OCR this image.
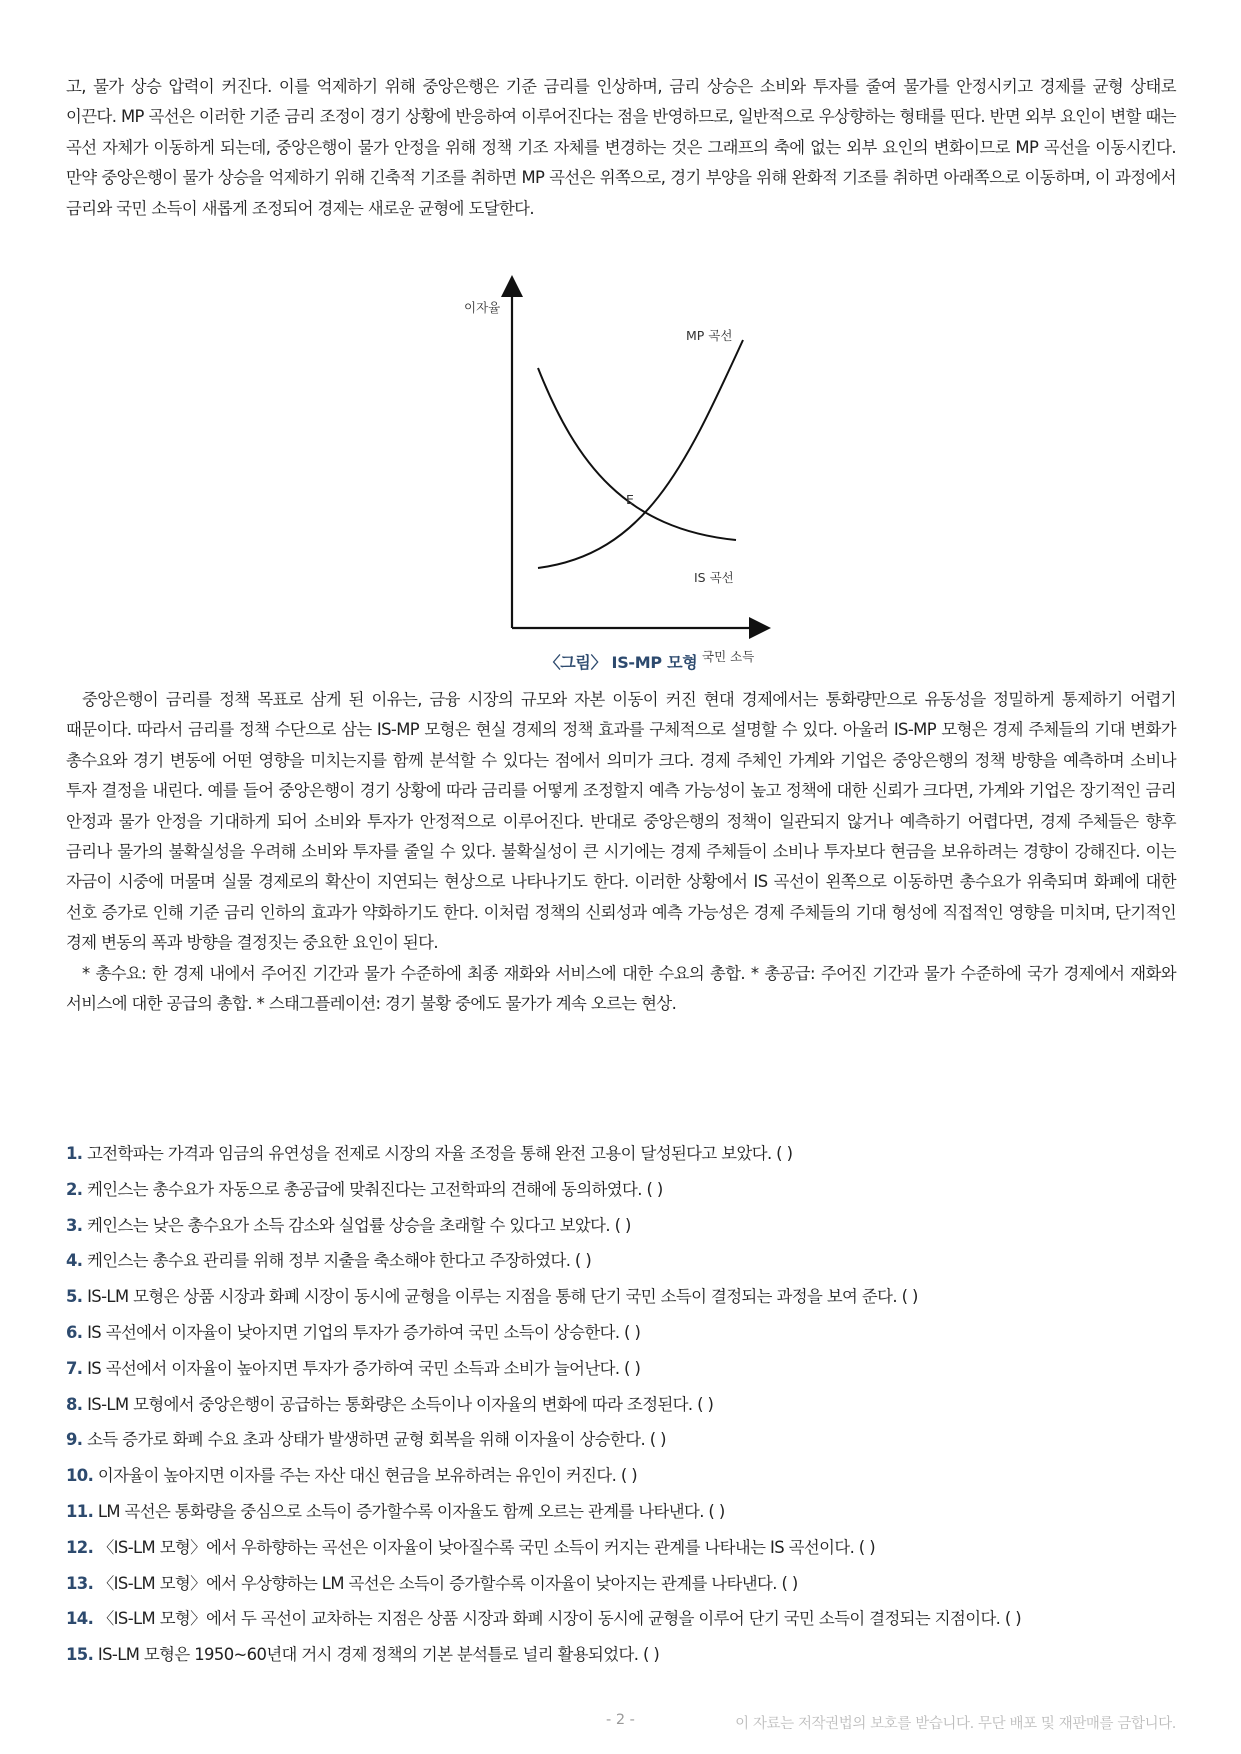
고, 물가 상승 압력이 커진다. 이를 억제하기 위해 중앙은행은 기준 금리를 인상하며, 금리 상승은 소비와 투자를 줄여 물가를 안정시키고 경제를 균형 상태로 이끈다. MP 곡선은 이러한 기준 금리 조정이 경기 상황에 반응하여 이루어진다는 점을 반영하므로, 일반적으로 우상향하는 형태를 띤다. 반면 외부 요인이 변할 때는 곡선 자체가 이동하게 되는데, 중앙은행이 물가 안정을 위해 정책 기조 자체를 변경하는 것은 그래프의 축에 없는 외부 요인의 변화이므로 MP 곡선을 이동시킨다. 만약 중앙은행이 물가 상승을 억제하기 위해 긴축적 기조를 취하면 MP 곡선은 위쪽으로, 경기 부양을 위해 완화적 기조를 취하면 아래쪽으로 이동하며, 이 과정에서 금리와 국민 소득이 새롭게 조정되어 경제는 새로운 균형에 도달한다.

이자율
국민 소득
MP 곡선
IS 곡선
E
〈그림〉 IS-MP 모형

중앙은행이 금리를 정책 목표로 삼게 된 이유는, 금융 시장의 규모와 자본 이동이 커진 현대 경제에서는 통화량만으로 유동성을 정밀하게 통제하기 어렵기 때문이다. 따라서 금리를 정책 수단으로 삼는 IS-MP 모형은 현실 경제의 정책 효과를 구체적으로 설명할 수 있다. 아울러 IS-MP 모형은 경제 주체들의 기대 변화가 총수요와 경기 변동에 어떤 영향을 미치는지를 함께 분석할 수 있다는 점에서 의미가 크다. 경제 주체인 가계와 기업은 중앙은행의 정책 방향을 예측하며 소비나 투자 결정을 내린다. 예를 들어 중앙은행이 경기 상황에 따라 금리를 어떻게 조정할지 예측 가능성이 높고 정책에 대한 신뢰가 크다면, 가계와 기업은 장기적인 금리 안정과 물가 안정을 기대하게 되어 소비와 투자가 안정적으로 이루어진다. 반대로 중앙은행의 정책이 일관되지 않거나 예측하기 어렵다면, 경제 주체들은 향후 금리나 물가의 불확실성을 우려해 소비와 투자를 줄일 수 있다. 불확실성이 큰 시기에는 경제 주체들이 소비나 투자보다 현금을 보유하려는 경향이 강해진다. 이는 자금이 시중에 머물며 실물 경제로의 확산이 지연되는 현상으로 나타나기도 한다. 이러한 상황에서 IS 곡선이 왼쪽으로 이동하면 총수요가 위축되며 화폐에 대한 선호 증가로 인해 기준 금리 인하의 효과가 약화하기도 한다. 이처럼 정책의 신뢰성과 예측 가능성은 경제 주체들의 기대 형성에 직접적인 영향을 미치며, 단기적인 경제 변동의 폭과 방향을 결정짓는 중요한 요인이 된다.

* 총수요: 한 경제 내에서 주어진 기간과 물가 수준하에 최종 재화와 서비스에 대한 수요의 총합. * 총공급: 주어진 기간과 물가 수준하에 국가 경제에서 재화와 서비스에 대한 공급의 총합. * 스태그플레이션: 경기 불황 중에도 물가가 계속 오르는 현상.

1. 고전학파는 가격과 임금의 유연성을 전제로 시장의 자율 조정을 통해 완전 고용이 달성된다고 보았다. ( )
2. 케인스는 총수요가 자동으로 총공급에 맞춰진다는 고전학파의 견해에 동의하였다. ( )
3. 케인스는 낮은 총수요가 소득 감소와 실업률 상승을 초래할 수 있다고 보았다. ( )
4. 케인스는 총수요 관리를 위해 정부 지출을 축소해야 한다고 주장하였다. ( )
5. IS-LM 모형은 상품 시장과 화폐 시장이 동시에 균형을 이루는 지점을 통해 단기 국민 소득이 결정되는 과정을 보여 준다. ( )
6. IS 곡선에서 이자율이 낮아지면 기업의 투자가 증가하여 국민 소득이 상승한다. ( )
7. IS 곡선에서 이자율이 높아지면 투자가 증가하여 국민 소득과 소비가 늘어난다. ( )
8. IS-LM 모형에서 중앙은행이 공급하는 통화량은 소득이나 이자율의 변화에 따라 조정된다. ( )
9. 소득 증가로 화폐 수요 초과 상태가 발생하면 균형 회복을 위해 이자율이 상승한다. ( )
10. 이자율이 높아지면 이자를 주는 자산 대신 현금을 보유하려는 유인이 커진다. ( )
11. LM 곡선은 통화량을 중심으로 소득이 증가할수록 이자율도 함께 오르는 관계를 나타낸다. ( )
12. 〈IS-LM 모형〉에서 우하향하는 곡선은 이자율이 낮아질수록 국민 소득이 커지는 관계를 나타내는 IS 곡선이다. ( )
13. 〈IS-LM 모형〉에서 우상향하는 LM 곡선은 소득이 증가할수록 이자율이 낮아지는 관계를 나타낸다. ( )
14. 〈IS-LM 모형〉에서 두 곡선이 교차하는 지점은 상품 시장과 화폐 시장이 동시에 균형을 이루어 단기 국민 소득이 결정되는 지점이다. ( )
15. IS-LM 모형은 1950~60년대 거시 경제 정책의 기본 분석틀로 널리 활용되었다. ( )
- 2 -	이 자료는 저작권법의 보호를 받습니다. 무단 배포 및 재판매를 금합니다.
